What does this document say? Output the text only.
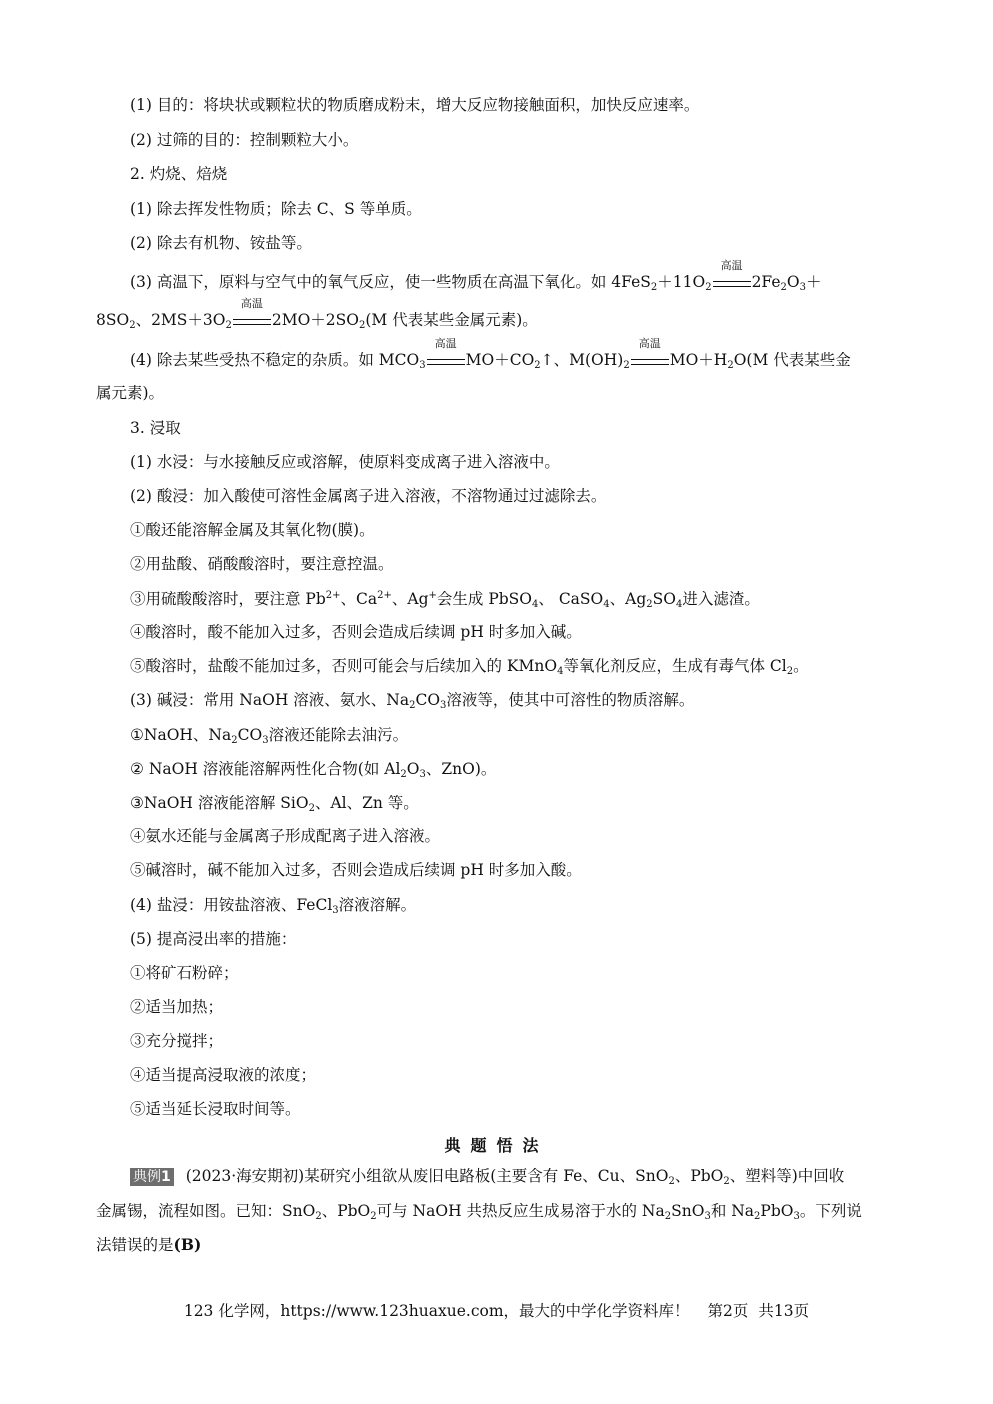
(1) 目的：将块状或颗粒状的物质磨成粉末，增大反应物接触面积，加快反应速率。
(2) 过筛的目的：控制颗粒大小。
2. 灼烧、焙烧
(1) 除去挥发性物质；除去 C、S 等单质。
(2) 除去有机物、铵盐等。
(3) 高温下，原料与空气中的氧气反应，使一些物质在高温下氧化。如 $4FeS_2+11O_2$
高温
$2Fe_2O_3+$
$8SO_2$、$2MS+3O_2$
高温
$2MO+2SO_2(M$ 代表某些金属元素)。
(4) 除去某些受热不稳定的杂质。如 $MCO_3$
高温
$MO+CO_2↑$、$M(OH)_2$
高温
$MO+H_2O(M$ 代表某些金
属元素)。
3. 浸取
(1) 水浸：与水接触反应或溶解，使原料变成离子进入溶液中。
(2) 酸浸：加入酸使可溶性金属离子进入溶液，不溶物通过过滤除去。
①酸还能溶解金属及其氧化物(膜)。
②用盐酸、硝酸酸溶时，要注意控温。
③用硫酸酸溶时，要注意 $Pb^{2+}$、$Ca^{2+}$、Ag+会生成 PbSO$_4$、 CaSO$_4$、$Ag_2SO_4$进入滤渣。
④酸溶时，酸不能加入过多，否则会造成后续调 pH 时多加入碱。
⑤酸溶时，盐酸不能加过多，否则可能会与后续加入的 KMnO$_4$等氧化剂反应，生成有毒气体 $Cl_2$。
(3) 碱浸：常用 NaOH 溶液、氨水、$Na_2CO_3$溶液等，使其中可溶性的物质溶解。
①NaOH、$Na_2CO_3$溶液还能除去油污。
② NaOH 溶液能溶解两性化合物(如 $Al_2O_3$、ZnO)。
③NaOH 溶液能溶解 SiO$_2$、Al、Zn 等。
④氨水还能与金属离子形成配离子进入溶液。
⑤碱溶时，碱不能加入过多，否则会造成后续调 pH 时多加入酸。
(4) 盐浸：用铵盐溶液、FeCl$_3$溶液溶解。
(5) 提高浸出率的措施：
①将矿石粉碎；
②适当加热；
③充分搅拌；
④适当提高浸取液的浓度；
⑤适当延长浸取时间等。
典题悟法
典例1 (2023·海安期初)某研究小组欲从废旧电路板(主要含有 Fe、Cu、SnO$_2$、PbO$_2$、塑料等)中回收
金属锡，流程如图。已知：SnO$_2$、PbO$_2$可与 NaOH 共热反应生成易溶于水的 $Na_2SnO_3$和 $Na_2PbO_3$。下列说
法错误的是(B)
123 化学网，https://www.123huaxue.com，最大的中学化学资料库！ 第2页 共13页
